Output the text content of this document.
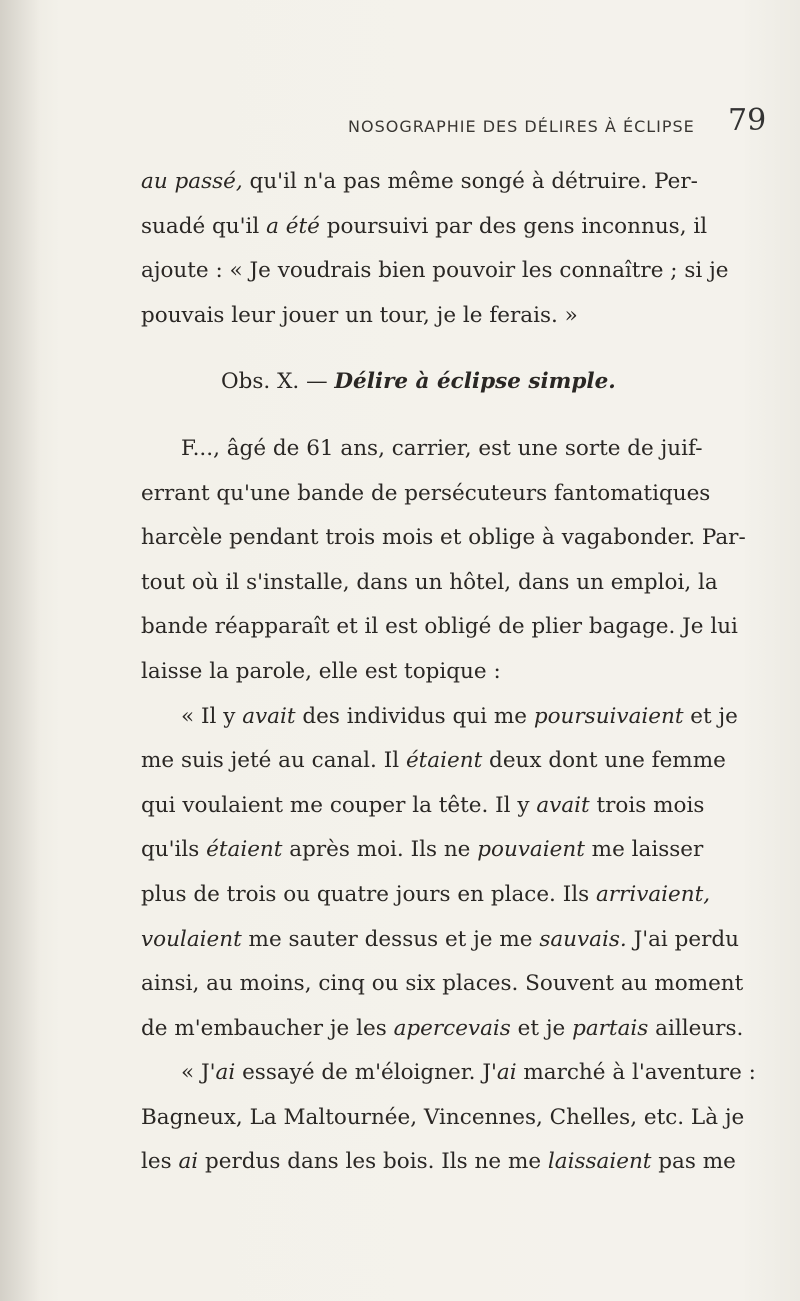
NOSOGRAPHIE DES DÉLIRES À ÉCLIPSE 79
au passé, qu'il n'a pas même songé à détruire. Per-
suadé qu'il a été poursuivi par des gens inconnus, il
ajoute : « Je voudrais bien pouvoir les connaître ; si je
pouvais leur jouer un tour, je le ferais. »
Obs. X. — Délire à éclipse simple.
F..., âgé de 61 ans, carrier, est une sorte de juif-
errant qu'une bande de persécuteurs fantomatiques
harcèle pendant trois mois et oblige à vagabonder. Par-
tout où il s'installe, dans un hôtel, dans un emploi, la
bande réapparaît et il est obligé de plier bagage. Je lui
laisse la parole, elle est topique :
« Il y avait des individus qui me poursuivaient et je
me suis jeté au canal. Il étaient deux dont une femme
qui voulaient me couper la tête. Il y avait trois mois
qu'ils étaient après moi. Ils ne pouvaient me laisser
plus de trois ou quatre jours en place. Ils arrivaient,
voulaient me sauter dessus et je me sauvais. J'ai perdu
ainsi, au moins, cinq ou six places. Souvent au moment
de m'embaucher je les apercevais et je partais ailleurs.
« J'ai essayé de m'éloigner. J'ai marché à l'aventure :
Bagneux, La Maltournée, Vincennes, Chelles, etc. Là je
les ai perdus dans les bois. Ils ne me laissaient pas me
